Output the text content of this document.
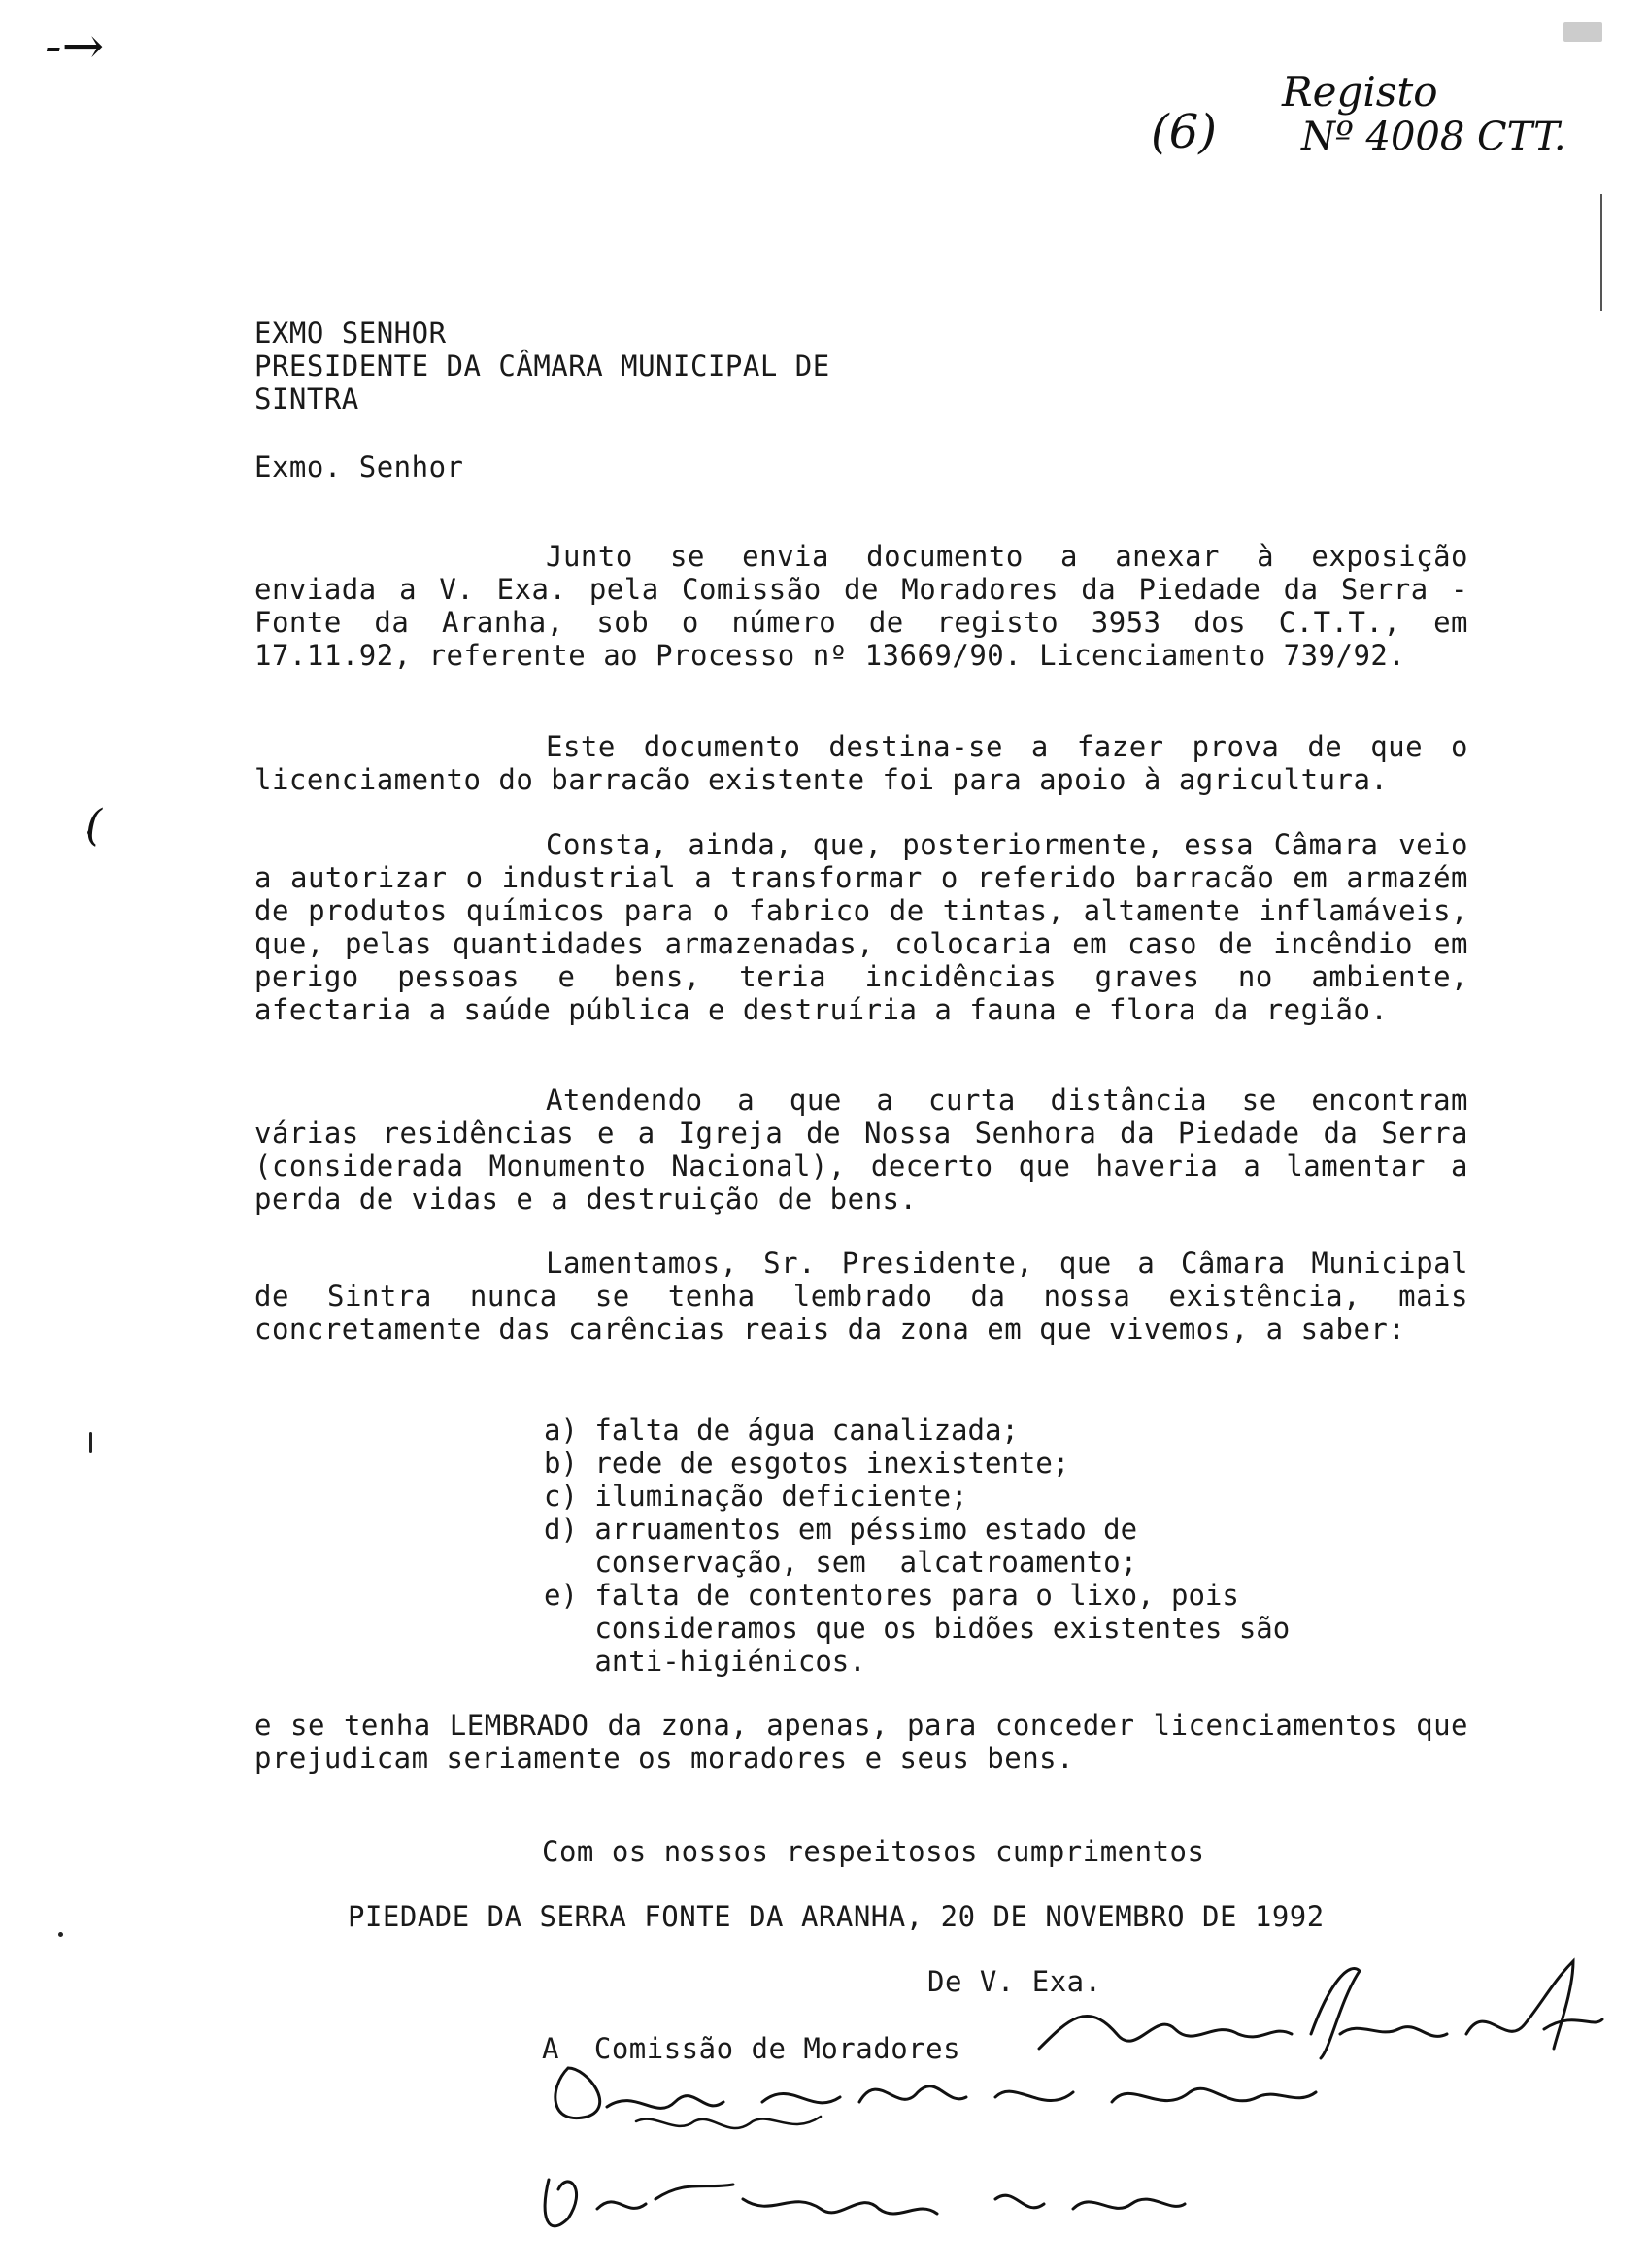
-→
(6)
Registo
Nº 4008 CTT.
(
EXMO SENHOR
PRESIDENTE DA CÂMARA MUNICIPAL DE
SINTRA
Exmo. Senhor
Junto se envia documento a anexar à exposição enviada a V. Exa. pela Comissão de Moradores da Piedade da Serra - Fonte da Aranha, sob o número de registo 3953 dos C.T.T., em 17.11.92, referente ao Processo nº 13669/90. Licenciamento 739/92.
Este documento destina-se a fazer prova de que o licenciamento do barracão existente foi para apoio à agricultura.
Consta, ainda, que, posteriormente, essa Câmara veio a autorizar o industrial a transformar o referido barracão em armazém de produtos químicos para o fabrico de tintas, altamente inflamáveis, que, pelas quantidades armazenadas, colocaria em caso de incêndio em perigo pessoas e bens, teria incidências graves no ambiente, afectaria a saúde pública e destruíria a fauna e flora da região.
Atendendo a que a curta distância se encontram várias residências e a Igreja de Nossa Senhora da Piedade da Serra (considerada Monumento Nacional), decerto que haveria a lamentar a perda de vidas e a destruição de bens.
Lamentamos, Sr. Presidente, que a Câmara Municipal de Sintra nunca se tenha lembrado da nossa existência, mais concretamente das carências reais da zona em que vivemos, a saber:
a) falta de água canalizada;
b) rede de esgotos inexistente;
c) iluminação deficiente;
d) arruamentos em péssimo estado de
conservação, sem  alcatroamento;
e) falta de contentores para o lixo, pois
consideramos que os bidões existentes são
anti-higiénicos.
e se tenha LEMBRADO da zona, apenas, para conceder licenciamentos que prejudicam seriamente os moradores e seus bens.
Com os nossos respeitosos cumprimentos
PIEDADE DA SERRA FONTE DA ARANHA, 20 DE NOVEMBRO DE 1992
De V. Exa.
A  Comissão de Moradores
